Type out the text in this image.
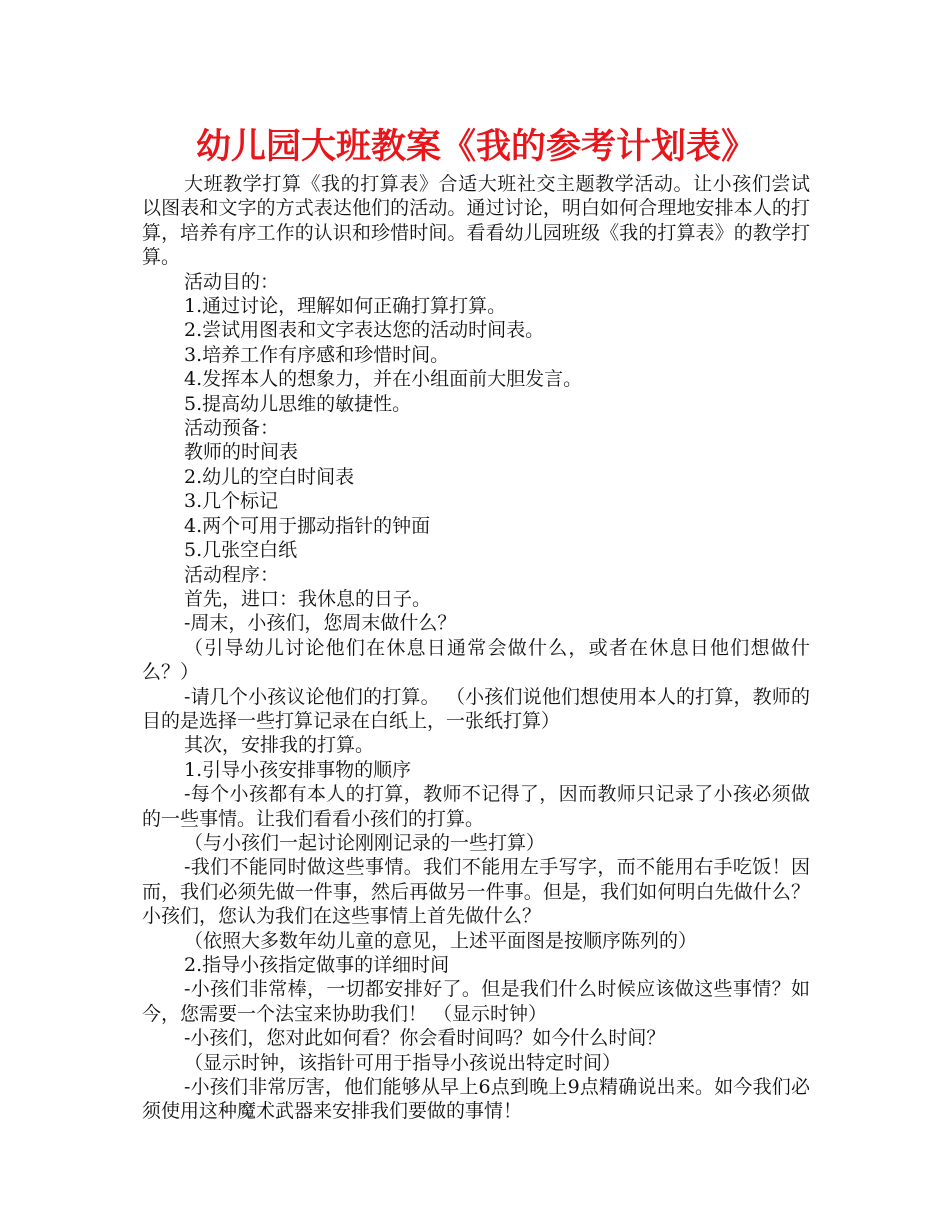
幼儿园大班教案《我的参考计划表》

大班教学打算《我的打算表》合适大班社交主题教学活动。让小孩们尝试以图表和文字的方式表达他们的活动。通过讨论，明白如何合理地安排本人的打算，培养有序工作的认识和珍惜时间。看看幼儿园班级《我的打算表》的教学打算。

活动目的：

1.通过讨论，理解如何正确打算打算。

2.尝试用图表和文字表达您的活动时间表。

3.培养工作有序感和珍惜时间。

4.发挥本人的想象力，并在小组面前大胆发言。

5.提高幼儿思维的敏捷性。

活动预备：

教师的时间表

2.幼儿的空白时间表

3.几个标记

4.两个可用于挪动指针的钟面

5.几张空白纸

活动程序：

首先，进口：我休息的日子。

-周末，小孩们，您周末做什么？

（引导幼儿讨论他们在休息日通常会做什么，或者在休息日他们想做什么？）

-请几个小孩议论他们的打算。 （小孩们说他们想使用本人的打算，教师的目的是选择一些打算记录在白纸上，一张纸打算）

其次，安排我的打算。

1.引导小孩安排事物的顺序

-每个小孩都有本人的打算，教师不记得了，因而教师只记录了小孩必须做的一些事情。让我们看看小孩们的打算。

（与小孩们一起讨论刚刚记录的一些打算）

-我们不能同时做这些事情。我们不能用左手写字，而不能用右手吃饭！因而，我们必须先做一件事，然后再做另一件事。但是，我们如何明白先做什么？小孩们，您认为我们在这些事情上首先做什么？

（依照大多数年幼儿童的意见，上述平面图是按顺序陈列的）

2.指导小孩指定做事的详细时间

-小孩们非常棒，一切都安排好了。但是我们什么时候应该做这些事情？如今，您需要一个法宝来协助我们！ （显示时钟）

-小孩们，您对此如何看？你会看时间吗？如今什么时间？

（显示时钟，该指针可用于指导小孩说出特定时间）

-小孩们非常厉害，他们能够从早上6点到晚上9点精确说出来。如今我们必须使用这种魔术武器来安排我们要做的事情！
